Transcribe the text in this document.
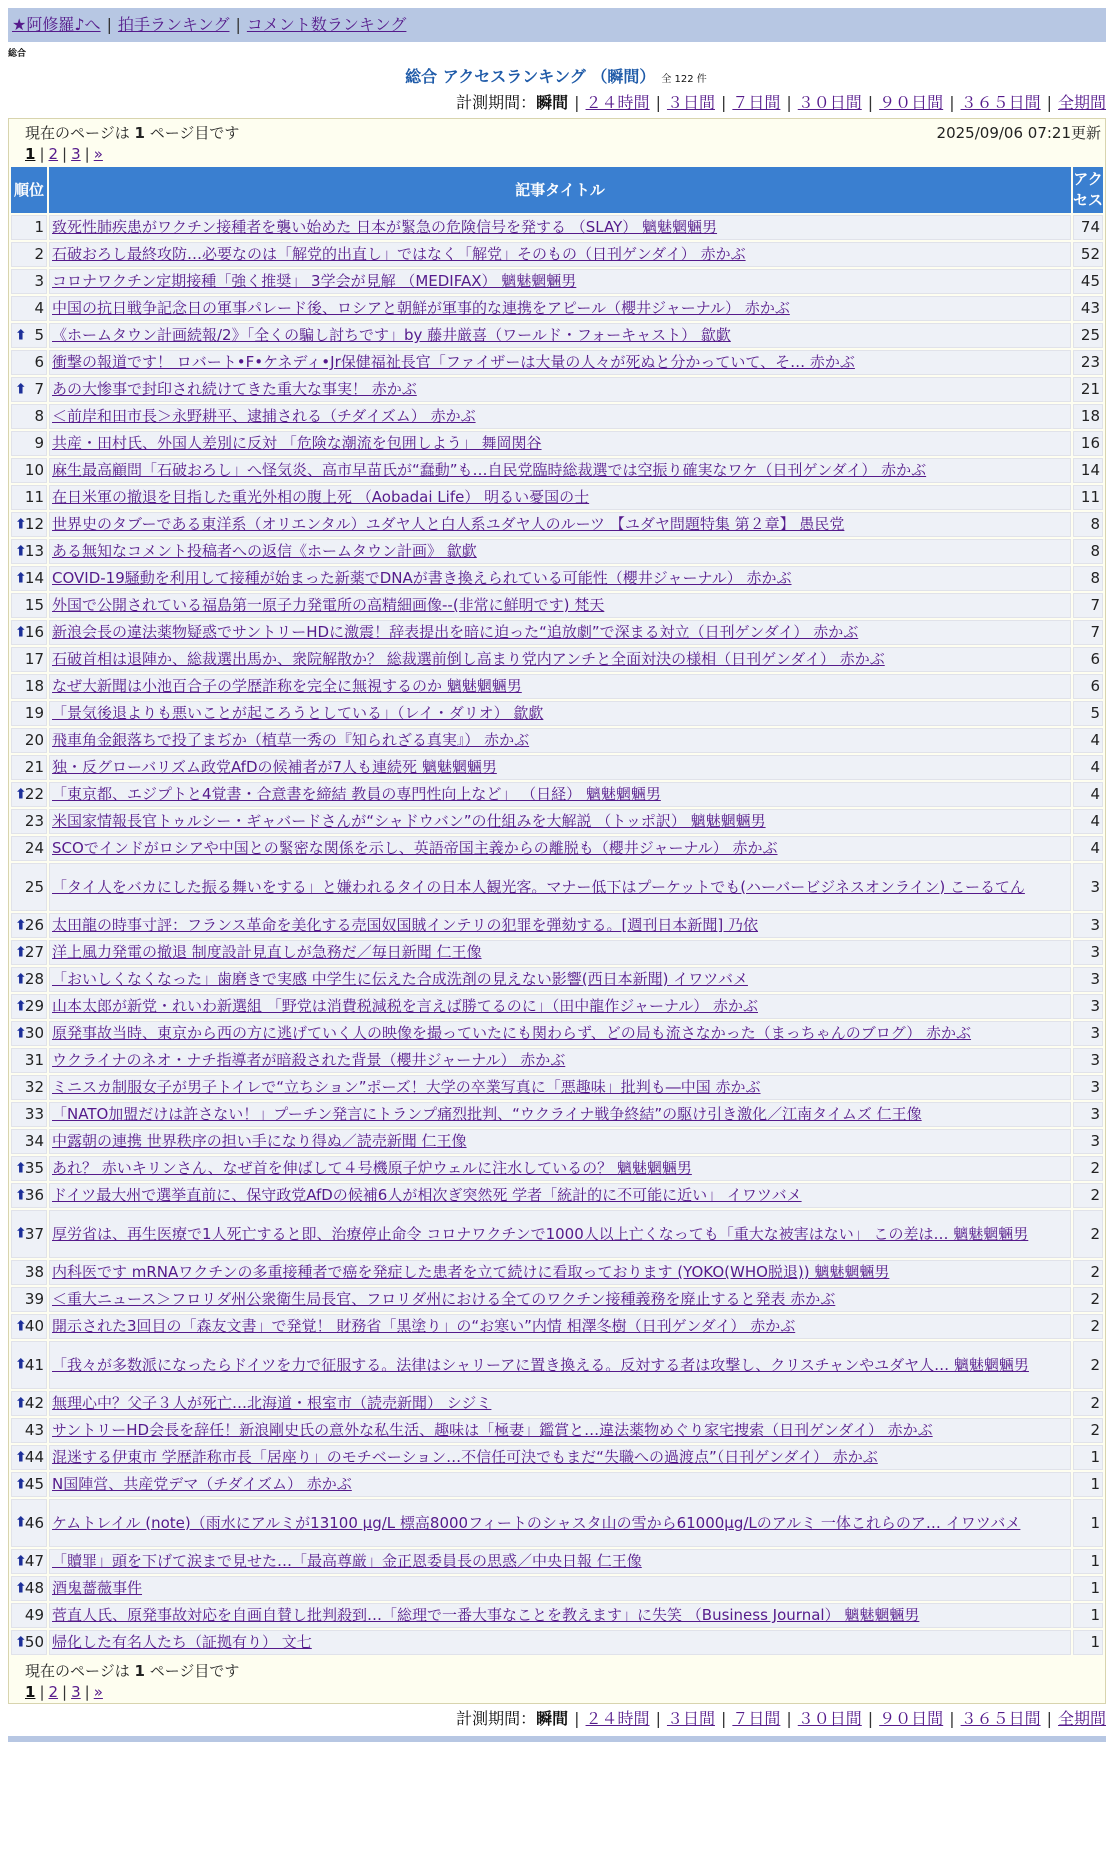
★阿修羅♪へ | 拍手ランキング | コメント数ランキング
総合
総合 アクセスランキング （瞬間） 全 122 件
計測期間：瞬間 | ２４時間 | ３日間 | ７日間 | ３０日間 | ９０日間 | ３６５日間 | 全期間
現在のページは 1 ページ目です	2025/09/06 07:21更新
1 | 2 | 3 | »
順位	記事タイトル	アクセス
1	致死性肺疾患がワクチン接種者を襲い始めた 日本が緊急の危険信号を発する （SLAY） 魑魅魍魎男	74
2	石破おろし最終攻防…必要なのは「解党的出直し」ではなく「解党」そのもの（日刊ゲンダイ） 赤かぶ	52
3	コロナワクチン定期接種「強く推奨」 3学会が見解 （MEDIFAX） 魑魅魍魎男	45
4	中国の抗日戦争記念日の軍事パレード後、ロシアと朝鮮が軍事的な連携をアピール（櫻井ジャーナル） 赤かぶ	43

⬆ 5	《ホームタウン計画続報/2》「全くの騙し討ちです」by 藤井厳喜（ワールド・フォーキャスト） 歙歔	25
6	衝撃の報道です！ ロバート•F•ケネディ•Jr保健福祉長官「ファイザーは大量の人々が死ぬと分かっていて、そ… 赤かぶ	23

⬆ 7	あの大惨事で封印され続けてきた重大な事実！ 赤かぶ	21
8	＜前岸和田市長＞永野耕平、逮捕される（チダイズム） 赤かぶ	18
9	共産・田村氏、外国人差別に反対 「危険な潮流を包囲しよう」 舞岡関谷	16
10	麻生最高顧問「石破おろし」へ怪気炎、高市早苗氏が“蠢動”も…自民党臨時総裁選では空振り確実なワケ（日刊ゲンダイ） 赤かぶ	14
11	在日米軍の撤退を目指した重光外相の腹上死 （Aobadai Life） 明るい憂国の士	11

⬆
12	世界史のタブーである東洋系（オリエンタル）ユダヤ人と白人系ユダヤ人のルーツ 【ユダヤ問題特集 第２章】 愚民党	8

⬆
13	ある無知なコメント投稿者への返信《ホームタウン計画》 歙歔	8

⬆
14	COVID-19騒動を利用して接種が始まった新薬でDNAが書き換えられている可能性（櫻井ジャーナル） 赤かぶ	8
15	外国で公開されている福島第一原子力発電所の高精細画像--(非常に鮮明です) 梵天	7

⬆
16	新浪会長の違法薬物疑惑でサントリーHDに激震！辞表提出を暗に迫った“追放劇”で深まる対立（日刊ゲンダイ） 赤かぶ	7
17	石破首相は退陣か、総裁選出馬か、衆院解散か？ 総裁選前倒し高まり党内アンチと全面対決の様相（日刊ゲンダイ） 赤かぶ	6
18	なぜ大新聞は小池百合子の学歴詐称を完全に無視するのか 魑魅魍魎男	6
19	「景気後退よりも悪いことが起ころうとしている」（レイ・ダリオ） 歙歔	5
20	飛車角金銀落ちで投了まぢか（植草一秀の『知られざる真実』） 赤かぶ	4
21	独・反グローバリズム政党AfDの候補者が7人も連続死 魑魅魍魎男	4

⬆
22	「東京都、エジプトと4覚書・合意書を締結 教員の専門性向上など」 （日経） 魑魅魍魎男	4
23	米国家情報長官トゥルシー・ギャバードさんが“シャドウバン”の仕組みを大解説 （トッポ訳） 魑魅魍魎男	4
24	SCOでインドがロシアや中国との緊密な関係を示し、英語帝国主義からの離脱も（櫻井ジャーナル） 赤かぶ	4
25	「タイ人をバカにした振る舞いをする」と嫌われるタイの日本人観光客。マナー低下はプーケットでも(ハーバービジネスオンライン) こーるてん	3

⬆
26	太田龍の時事寸評：フランス革命を美化する売国奴国賊インテリの犯罪を弾劾する。[週刊日本新聞] 乃依	3

⬆
27	洋上風力発電の撤退 制度設計見直しが急務だ／毎日新聞 仁王像	3

⬆
28	「おいしくなくなった」歯磨きで実感 中学生に伝えた合成洗剤の見えない影響(西日本新聞) イワツバメ	3

⬆
29	山本太郎が新党・れいわ新選組 「野党は消費税減税を言えば勝てるのに」（田中龍作ジャーナル） 赤かぶ	3

⬆
30	原発事故当時、東京から西の方に逃げていく人の映像を撮っていたにも関わらず、どの局も流さなかった（まっちゃんのブログ） 赤かぶ	3
31	ウクライナのネオ・ナチ指導者が暗殺された背景（櫻井ジャーナル） 赤かぶ	3
32	ミニスカ制服女子が男子トイレで“立ちション”ポーズ！大学の卒業写真に「悪趣味」批判も―中国 赤かぶ	3
33	「NATO加盟だけは許さない！」プーチン発言にトランプ痛烈批判、“ウクライナ戦争終結”の駆け引き激化／江南タイムズ 仁王像	3
34	中露朝の連携 世界秩序の担い手になり得ぬ／読売新聞 仁王像	3

⬆
35	あれ？ 赤いキリンさん、なぜ首を伸ばして４号機原子炉ウェルに注水しているの？ 魑魅魍魎男	2

⬆
36	ドイツ最大州で選挙直前に、保守政党AfDの候補6人が相次ぎ突然死 学者「統計的に不可能に近い」 イワツバメ	2

⬆
37	厚労省は、再生医療で1人死亡すると即、治療停止命令 コロナワクチンで1000人以上亡くなっても「重大な被害はない」 この差は… 魑魅魍魎男	2
38	内科医です mRNAワクチンの多重接種者で癌を発症した患者を立て続けに看取っております (YOKO(WHO脱退)) 魑魅魍魎男	2
39	＜重大ニュース＞フロリダ州公衆衛生局長官、フロリダ州における全てのワクチン接種義務を廃止すると発表 赤かぶ	2

⬆
40	開示された3回目の「森友文書」で発覚！ 財務省「黒塗り」の“お寒い”内情 相澤冬樹（日刊ゲンダイ） 赤かぶ	2

⬆
41	「我々が多数派になったらドイツを力で征服する。法律はシャリーアに置き換える。反対する者は攻撃し、クリスチャンやユダヤ人… 魑魅魍魎男	2

⬆
42	無理心中？父子３人が死亡…北海道・根室市（読売新聞） シジミ	2
43	サントリーHD会長を辞任！新浪剛史氏の意外な私生活、趣味は「極妻」鑑賞と…違法薬物めぐり家宅捜索（日刊ゲンダイ） 赤かぶ	2

⬆
44	混迷する伊東市 学歴詐称市長「居座り」のモチベーション…不信任可決でもまだ“失職への過渡点”（日刊ゲンダイ） 赤かぶ	1

⬆
45	N国陣営、共産党デマ（チダイズム） 赤かぶ	1

⬆
46	ケムトレイル (note)（雨水にアルミが13100 μg/L 標高8000フィートのシャスタ山の雪から61000μg/Lのアルミ 一体これらのア… イワツバメ	1

⬆
47	「贖罪」頭を下げて涙まで見せた…「最高尊厳」金正恩委員長の思惑／中央日報 仁王像	1

⬆
48	酒鬼薔薇事件	1
49	菅直人氏、原発事故対応を自画自賛し批判殺到…「総理で一番大事なことを教えます」に失笑 （Business Journal） 魑魅魍魎男	1

⬆
50	帰化した有名人たち（証拠有り） 文七	1
現在のページは 1 ページ目です
1 | 2 | 3 | »
計測期間：瞬間 | ２４時間 | ３日間 | ７日間 | ３０日間 | ９０日間 | ３６５日間 | 全期間
